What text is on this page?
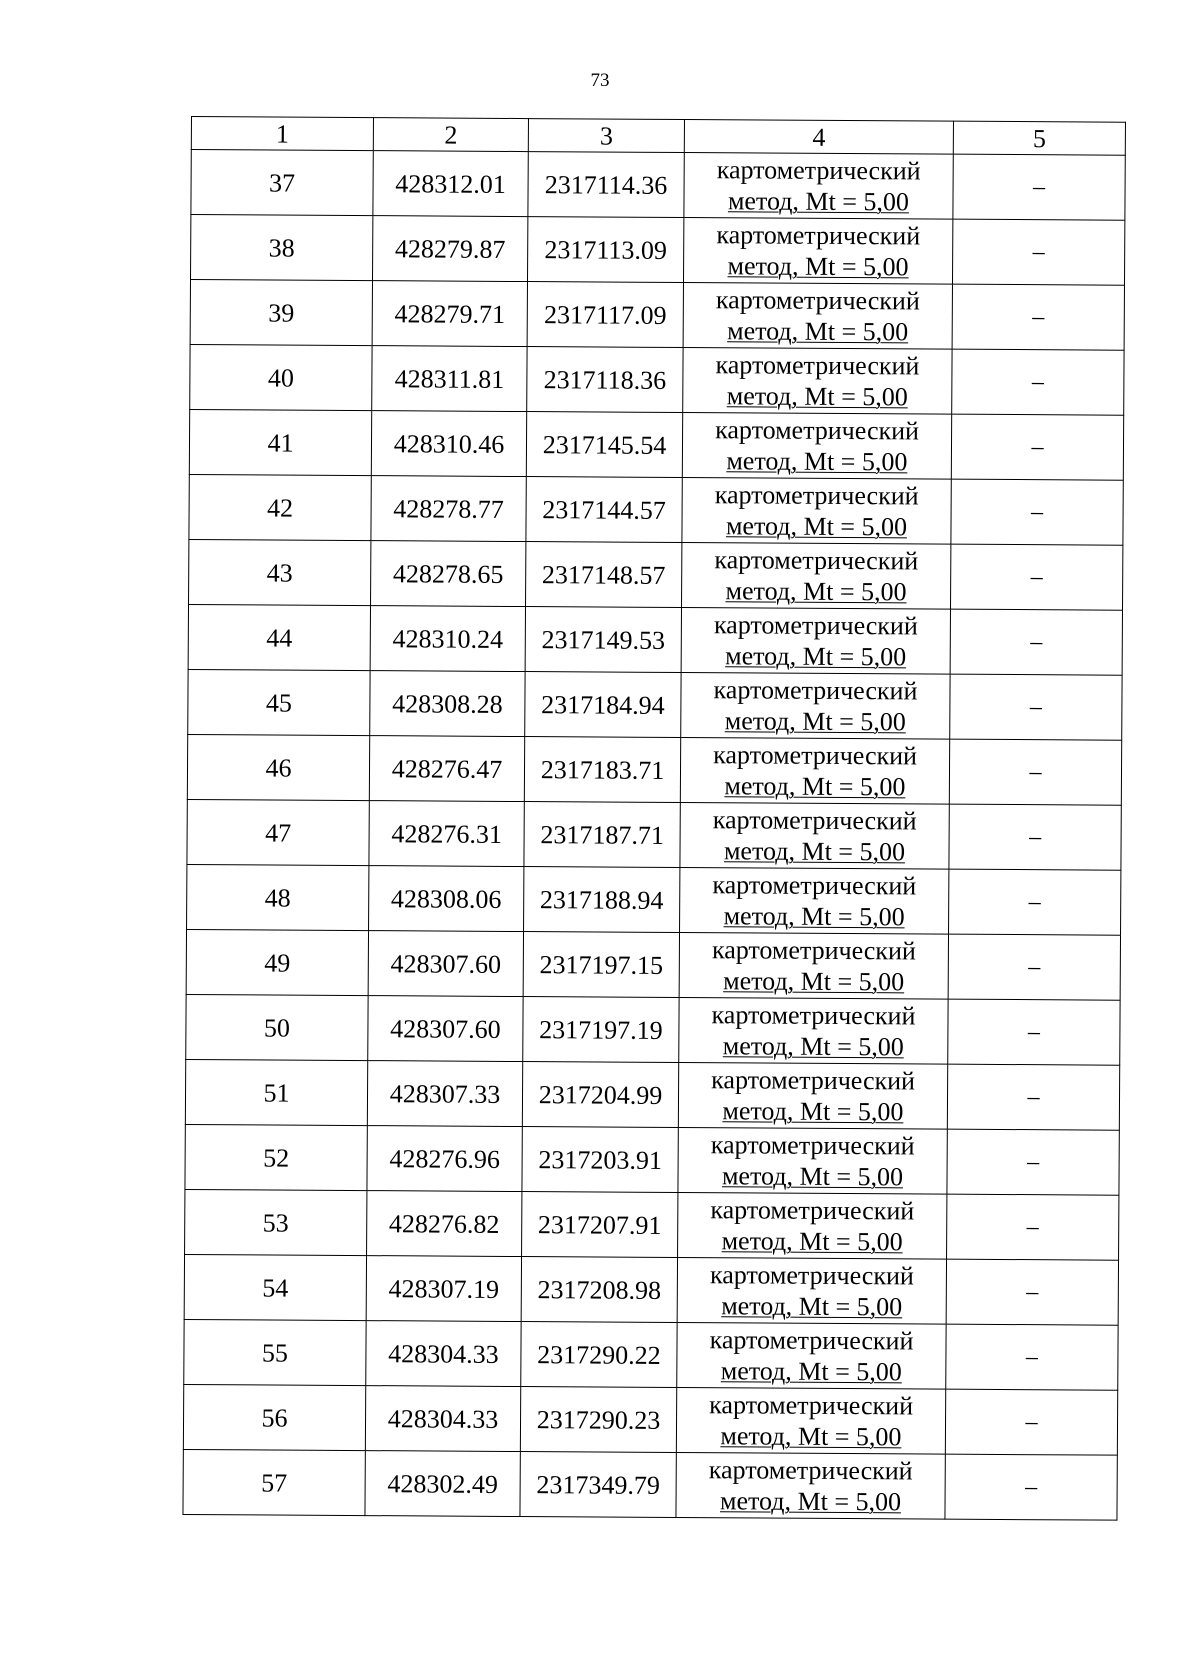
73
1	2	3	4	5
37	428312.01	2317114.36	картометрический
метод, Mt = 5,00	–
38	428279.87	2317113.09	картометрический
метод, Mt = 5,00	–
39	428279.71	2317117.09	картометрический
метод, Mt = 5,00	–
40	428311.81	2317118.36	картометрический
метод, Mt = 5,00	–
41	428310.46	2317145.54	картометрический
метод, Mt = 5,00	–
42	428278.77	2317144.57	картометрический
метод, Mt = 5,00	–
43	428278.65	2317148.57	картометрический
метод, Mt = 5,00	–
44	428310.24	2317149.53	картометрический
метод, Mt = 5,00	–
45	428308.28	2317184.94	картометрический
метод, Mt = 5,00	–
46	428276.47	2317183.71	картометрический
метод, Mt = 5,00	–
47	428276.31	2317187.71	картометрический
метод, Mt = 5,00	–
48	428308.06	2317188.94	картометрический
метод, Mt = 5,00	–
49	428307.60	2317197.15	картометрический
метод, Mt = 5,00	–
50	428307.60	2317197.19	картометрический
метод, Mt = 5,00	–
51	428307.33	2317204.99	картометрический
метод, Mt = 5,00	–
52	428276.96	2317203.91	картометрический
метод, Mt = 5,00	–
53	428276.82	2317207.91	картометрический
метод, Mt = 5,00	–
54	428307.19	2317208.98	картометрический
метод, Mt = 5,00	–
55	428304.33	2317290.22	картометрический
метод, Mt = 5,00	–
56	428304.33	2317290.23	картометрический
метод, Mt = 5,00	–
57	428302.49	2317349.79	картометрический
метод, Mt = 5,00	–
